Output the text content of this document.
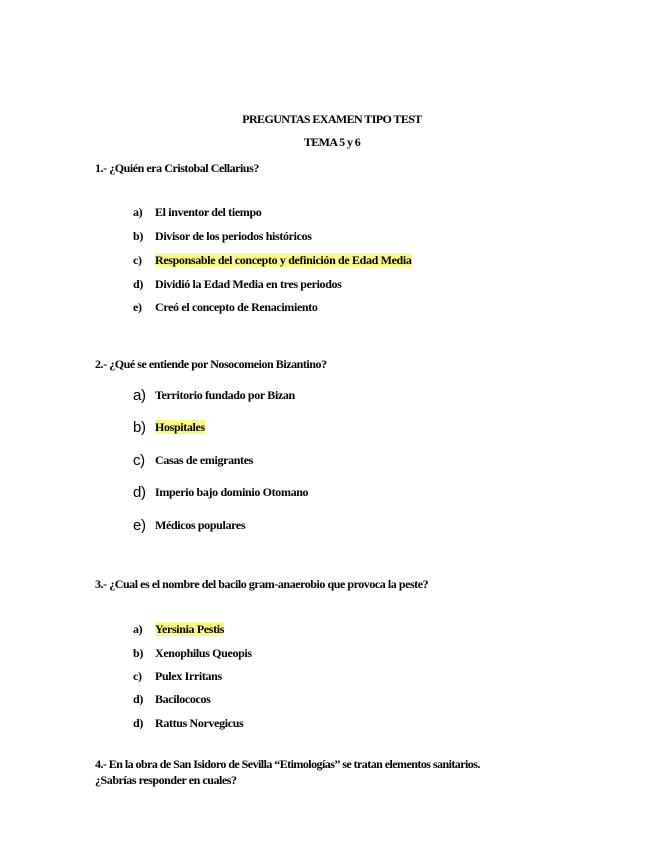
PREGUNTAS EXAMEN TIPO TEST
TEMA 5 y 6
1.- ¿Quién era Cristobal Cellarius?
a) El inventor del tiempo
b) Divisor de los periodos históricos
c) Responsable del concepto y definición de Edad Media
d) Dividió la Edad Media en tres periodos
e) Creó el concepto de Renacimiento
2.- ¿Qué se entiende por Nosocomeion Bizantino?
a) Territorio fundado por Bizan
b) Hospitales
c) Casas de emigrantes
d) Imperio bajo dominio Otomano
e) Médicos populares
3.- ¿Cual es el nombre del bacilo gram-anaerobio que provoca la peste?
a) Yersinia Pestis
b) Xenophilus Queopis
c) Pulex Irritans
d) Bacilococos
d) Rattus Norvegicus
4.- En la obra de San Isidoro de Sevilla “Etimologías” se tratan elementos sanitarios.
¿Sabrías responder en cuales?
